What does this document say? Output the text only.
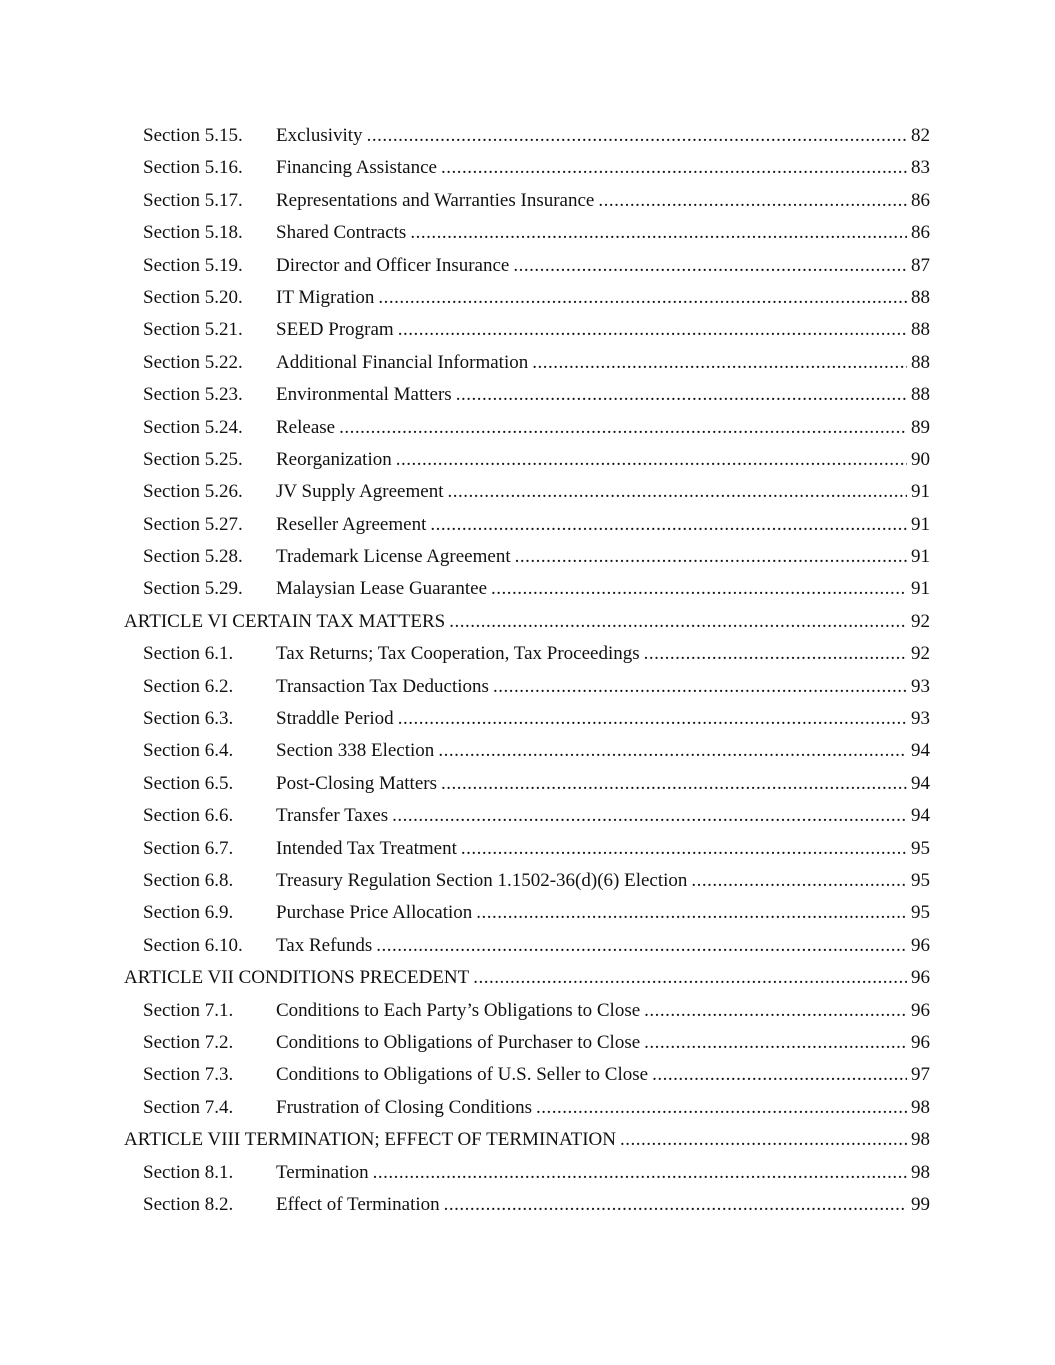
Section 5.15. Exclusivity .....	82
Section 5.16. Financing Assistance .....	83
Section 5.17. Representations and Warranties Insurance .....	86
Section 5.18. Shared Contracts .....	86
Section 5.19. Director and Officer Insurance .....	87
Section 5.20. IT Migration .....	88
Section 5.21. SEED Program .....	88
Section 5.22. Additional Financial Information .....	88
Section 5.23. Environmental Matters .....	88
Section 5.24. Release .....	89
Section 5.25. Reorganization .....	90
Section 5.26. JV Supply Agreement .....	91
Section 5.27. Reseller Agreement .....	91
Section 5.28. Trademark License Agreement .....	91
Section 5.29. Malaysian Lease Guarantee .....	91
ARTICLE VI CERTAIN TAX MATTERS .....	92
Section 6.1. Tax Returns; Tax Cooperation, Tax Proceedings .....	92
Section 6.2. Transaction Tax Deductions .....	93
Section 6.3. Straddle Period .....	93
Section 6.4. Section 338 Election .....	94
Section 6.5. Post-Closing Matters .....	94
Section 6.6. Transfer Taxes .....	94
Section 6.7. Intended Tax Treatment .....	95
Section 6.8. Treasury Regulation Section 1.1502-36(d)(6) Election .....	95
Section 6.9. Purchase Price Allocation .....	95
Section 6.10. Tax Refunds .....	96
ARTICLE VII CONDITIONS PRECEDENT .....	96
Section 7.1. Conditions to Each Party’s Obligations to Close .....	96
Section 7.2. Conditions to Obligations of Purchaser to Close .....	96
Section 7.3. Conditions to Obligations of U.S. Seller to Close .....	97
Section 7.4. Frustration of Closing Conditions .....	98
ARTICLE VIII TERMINATION; EFFECT OF TERMINATION .....	98
Section 8.1. Termination .....	98
Section 8.2. Effect of Termination .....	99
